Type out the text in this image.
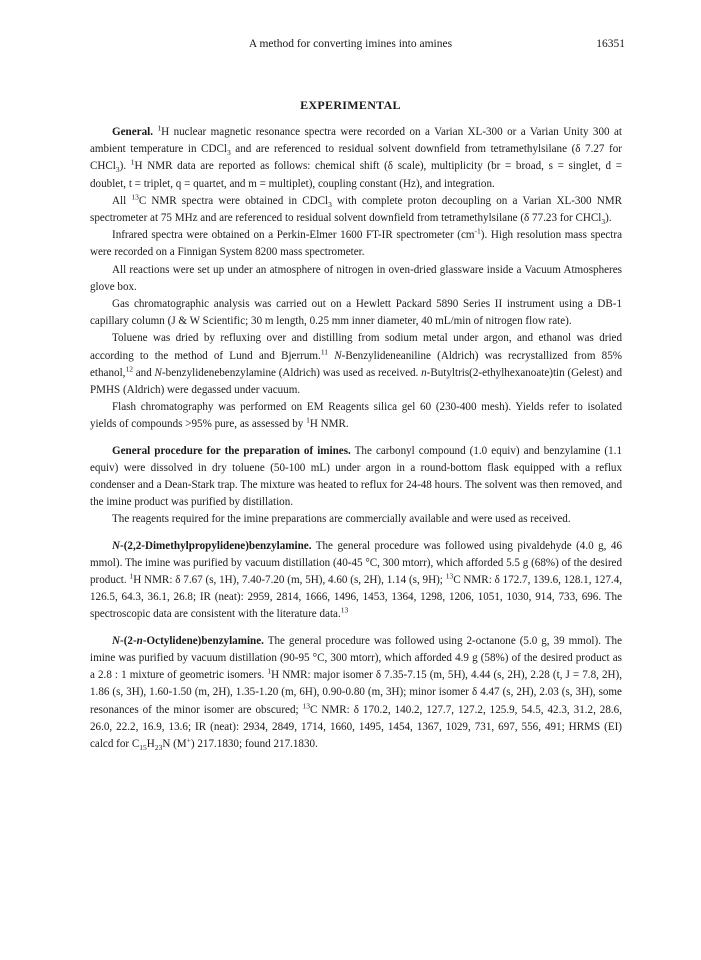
A method for converting imines into amines	16351
EXPERIMENTAL

General. $^1$H nuclear magnetic resonance spectra were recorded on a Varian XL-300 or a Varian Unity 300 at ambient temperature in CDCl$_3$ and are referenced to residual solvent downfield from tetramethylsilane (δ 7.27 for CHCl$_3$). $^1$H NMR data are reported as follows: chemical shift (δ scale), multiplicity (br = broad, s = singlet, d = doublet, t = triplet, q = quartet, and m = multiplet), coupling constant (Hz), and integration.

All $^{13}$C NMR spectra were obtained in CDCl$_3$ with complete proton decoupling on a Varian XL-300 NMR spectrometer at 75 MHz and are referenced to residual solvent downfield from tetramethylsilane (δ 77.23 for CHCl$_3$).

Infrared spectra were obtained on a Perkin-Elmer 1600 FT-IR spectrometer $(cm^{-1})$. High resolution mass spectra were recorded on a Finnigan System 8200 mass spectrometer.

All reactions were set up under an atmosphere of nitrogen in oven-dried glassware inside a Vacuum Atmospheres glove box.

Gas chromatographic analysis was carried out on a Hewlett Packard 5890 Series II instrument using a DB-1 capillary column (J & W Scientific; 30 m length, 0.25 mm inner diameter, 40 mL/min of nitrogen flow rate).

Toluene was dried by refluxing over and distilling from sodium metal under argon, and ethanol was dried according to the method of Lund and Bjerrum.$^{11}$ N-Benzylideneaniline (Aldrich) was recrystallized from 85% ethanol,$^{12}$ and N-benzylidenebenzylamine (Aldrich) was used as received. n-Butyltris(2-ethylhexanoate)tin (Gelest) and PMHS (Aldrich) were degassed under vacuum.

Flash chromatography was performed on EM Reagents silica gel 60 (230-400 mesh). Yields refer to isolated yields of compounds >95% pure, as assessed by $^1$H NMR.

General procedure for the preparation of imines. The carbonyl compound (1.0 equiv) and benzylamine (1.1 equiv) were dissolved in dry toluene (50-100 mL) under argon in a round-bottom flask equipped with a reflux condenser and a Dean-Stark trap. The mixture was heated to reflux for 24-48 hours. The solvent was then removed, and the imine product was purified by distillation.

The reagents required for the imine preparations are commercially available and were used as received.

N-(2,2-Dimethylpropylidene)benzylamine. The general procedure was followed using pivaldehyde (4.0 g, 46 mmol). The imine was purified by vacuum distillation (40-45 °C, 300 mtorr), which afforded 5.5 g (68%) of the desired product. $^1$H NMR: δ 7.67 (s, 1H), 7.40-7.20 (m, 5H), 4.60 (s, 2H), 1.14 (s, 9H); $^{13}$C NMR: δ 172.7, 139.6, 128.1, 127.4, 126.5, 64.3, 36.1, 26.8; IR (neat): 2959, 2814, 1666, 1496, 1453, 1364, 1298, 1206, 1051, 1030, 914, 733, 696. The spectroscopic data are consistent with the literature data.$^{13}$

N-(2-n-Octylidene)benzylamine. The general procedure was followed using 2-octanone (5.0 g, 39 mmol). The imine was purified by vacuum distillation (90-95 °C, 300 mtorr), which afforded 4.9 g (58%) of the desired product as a 2.8 : 1 mixture of geometric isomers. $^1$H NMR: major isomer δ 7.35-7.15 (m, 5H), 4.44 (s, 2H), 2.28 (t, J = 7.8, 2H), 1.86 (s, 3H), 1.60-1.50 (m, 2H), 1.35-1.20 (m, 6H), 0.90-0.80 (m, 3H); minor isomer δ 4.47 (s, 2H), 2.03 (s, 3H), some resonances of the minor isomer are obscured; $^{13}$C NMR: δ 170.2, 140.2, 127.7, 127.2, 125.9, 54.5, 42.3, 31.2, 28.6, 26.0, 22.2, 16.9, 13.6; IR (neat): 2934, 2849, 1714, 1660, 1495, 1454, 1367, 1029, 731, 697, 556, 491; HRMS (EI) calcd for $C_{15}H_{23}N$ (M+) 217.1830; found 217.1830.
